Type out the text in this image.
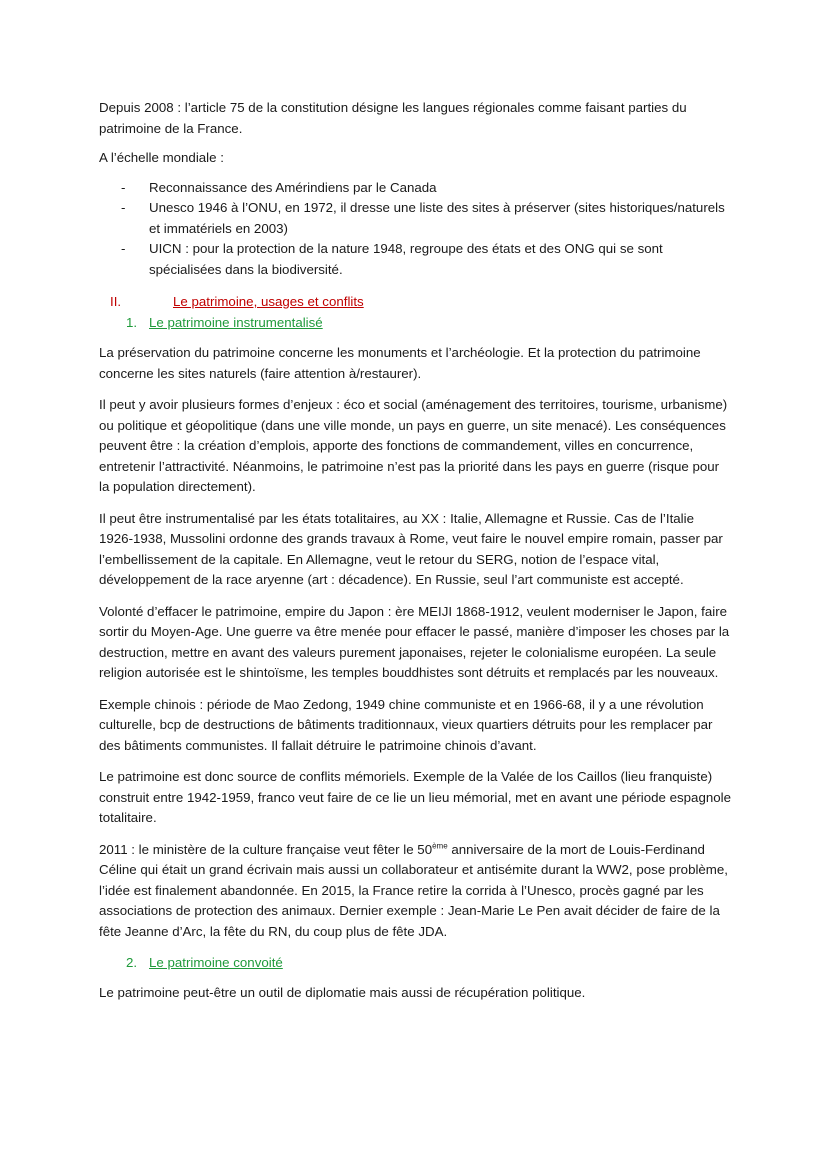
Depuis 2008 : l’article 75 de la constitution désigne les langues régionales comme faisant parties du patrimoine de la France.

A l’échelle mondiale :

- Reconnaissance des Amérindiens par le Canada
- Unesco 1946 à l’ONU, en 1972, il dresse une liste des sites à préserver (sites historiques/naturels et immatériels en 2003)
- UICN : pour la protection de la nature 1948, regroupe des états et des ONG qui se sont spécialisées dans la biodiversité.
II.	Le patrimoine, usages et conflits
1. Le patrimoine instrumentalisé

La préservation du patrimoine concerne les monuments et l’archéologie. Et la protection du patrimoine concerne les sites naturels (faire attention à/restaurer).

Il peut y avoir plusieurs formes d’enjeux : éco et social (aménagement des territoires, tourisme, urbanisme) ou politique et géopolitique (dans une ville monde, un pays en guerre, un site menacé). Les conséquences peuvent être : la création d’emplois, apporte des fonctions de commandement, villes en concurrence, entretenir l’attractivité. Néanmoins, le patrimoine n’est pas la priorité dans les pays en guerre (risque pour la population directement).

Il peut être instrumentalisé par les états totalitaires, au XX : Italie, Allemagne et Russie. Cas de l’Italie 1926-1938, Mussolini ordonne des grands travaux à Rome, veut faire le nouvel empire romain, passer par l’embellissement de la capitale. En Allemagne, veut le retour du SERG, notion de l’espace vital, développement de la race aryenne (art : décadence). En Russie, seul l’art communiste est accepté.

Volonté d’effacer le patrimoine, empire du Japon : ère MEIJI 1868-1912, veulent moderniser le Japon, faire sortir du Moyen-Age. Une guerre va être menée pour effacer le passé, manière d’imposer les choses par la destruction, mettre en avant des valeurs purement japonaises, rejeter le colonialisme européen. La seule religion autorisée est le shintoïsme, les temples bouddhistes sont détruits et remplacés par les nouveaux.

Exemple chinois : période de Mao Zedong, 1949 chine communiste et en 1966-68, il y a une révolution culturelle, bcp de destructions de bâtiments traditionnaux, vieux quartiers détruits pour les remplacer par des bâtiments communistes. Il fallait détruire le patrimoine chinois d’avant.

Le patrimoine est donc source de conflits mémoriels. Exemple de la Valée de los Caillos (lieu franquiste) construit entre 1942-1959, franco veut faire de ce lie un lieu mémorial, met en avant une période espagnole totalitaire.

2011 : le ministère de la culture française veut fêter le 50ème anniversaire de la mort de Louis-Ferdinand Céline qui était un grand écrivain mais aussi un collaborateur et antisémite durant la WW2, pose problème, l’idée est finalement abandonnée. En 2015, la France retire la corrida à l’Unesco, procès gagné par les associations de protection des animaux. Dernier exemple : Jean-Marie Le Pen avait décider de faire de la fête Jeanne d’Arc, la fête du RN, du coup plus de fête JDA.

2. Le patrimoine convoité

Le patrimoine peut-être un outil de diplomatie mais aussi de récupération politique.
